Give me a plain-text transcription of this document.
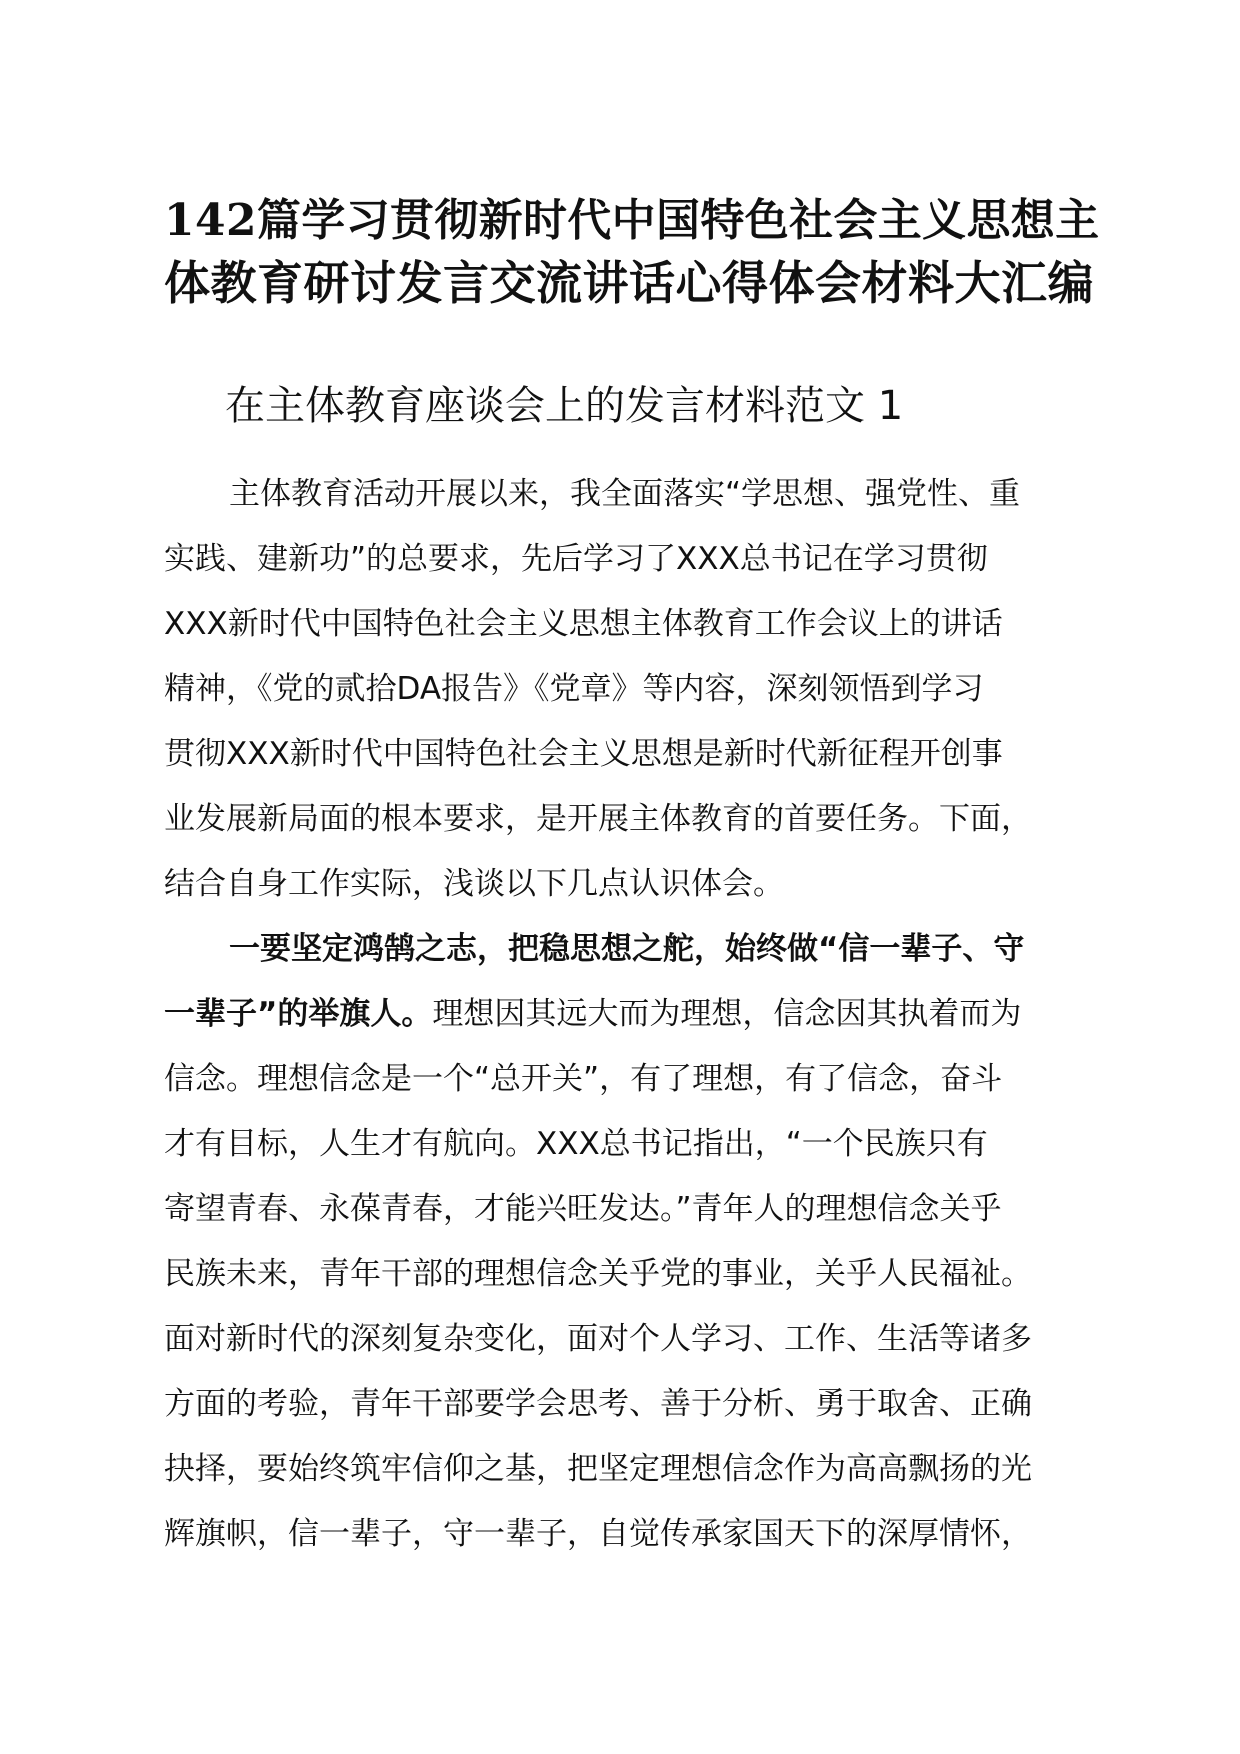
142篇学习贯彻新时代中国特色社会主义思想主
体教育研讨发言交流讲话心得体会材料大汇编
在主体教育座谈会上的发言材料范文 1
主体教育活动开展以来，我全面落实“学思想、强党性、重
实践、建新功”的总要求，先后学习了XXX总书记在学习贯彻
XXX新时代中国特色社会主义思想主体教育工作会议上的讲话
精神，《党的贰拾DA报告》《党章》等内容，深刻领悟到学习
贯彻XXX新时代中国特色社会主义思想是新时代新征程开创事
业发展新局面的根本要求，是开展主体教育的首要任务。下面，
结合自身工作实际，浅谈以下几点认识体会。
一要坚定鸿鹄之志，把稳思想之舵，始终做“信一辈子、守
一辈子”的举旗人。理想因其远大而为理想，信念因其执着而为
信念。理想信念是一个“总开关”，有了理想，有了信念，奋斗
才有目标，人生才有航向。XXX总书记指出，“一个民族只有
寄望青春、永葆青春，才能兴旺发达。”青年人的理想信念关乎
民族未来，青年干部的理想信念关乎党的事业，关乎人民福祉。
面对新时代的深刻复杂变化，面对个人学习、工作、生活等诸多
方面的考验，青年干部要学会思考、善于分析、勇于取舍、正确
抉择，要始终筑牢信仰之基，把坚定理想信念作为高高飘扬的光
辉旗帜，信一辈子，守一辈子，自觉传承家国天下的深厚情怀，
